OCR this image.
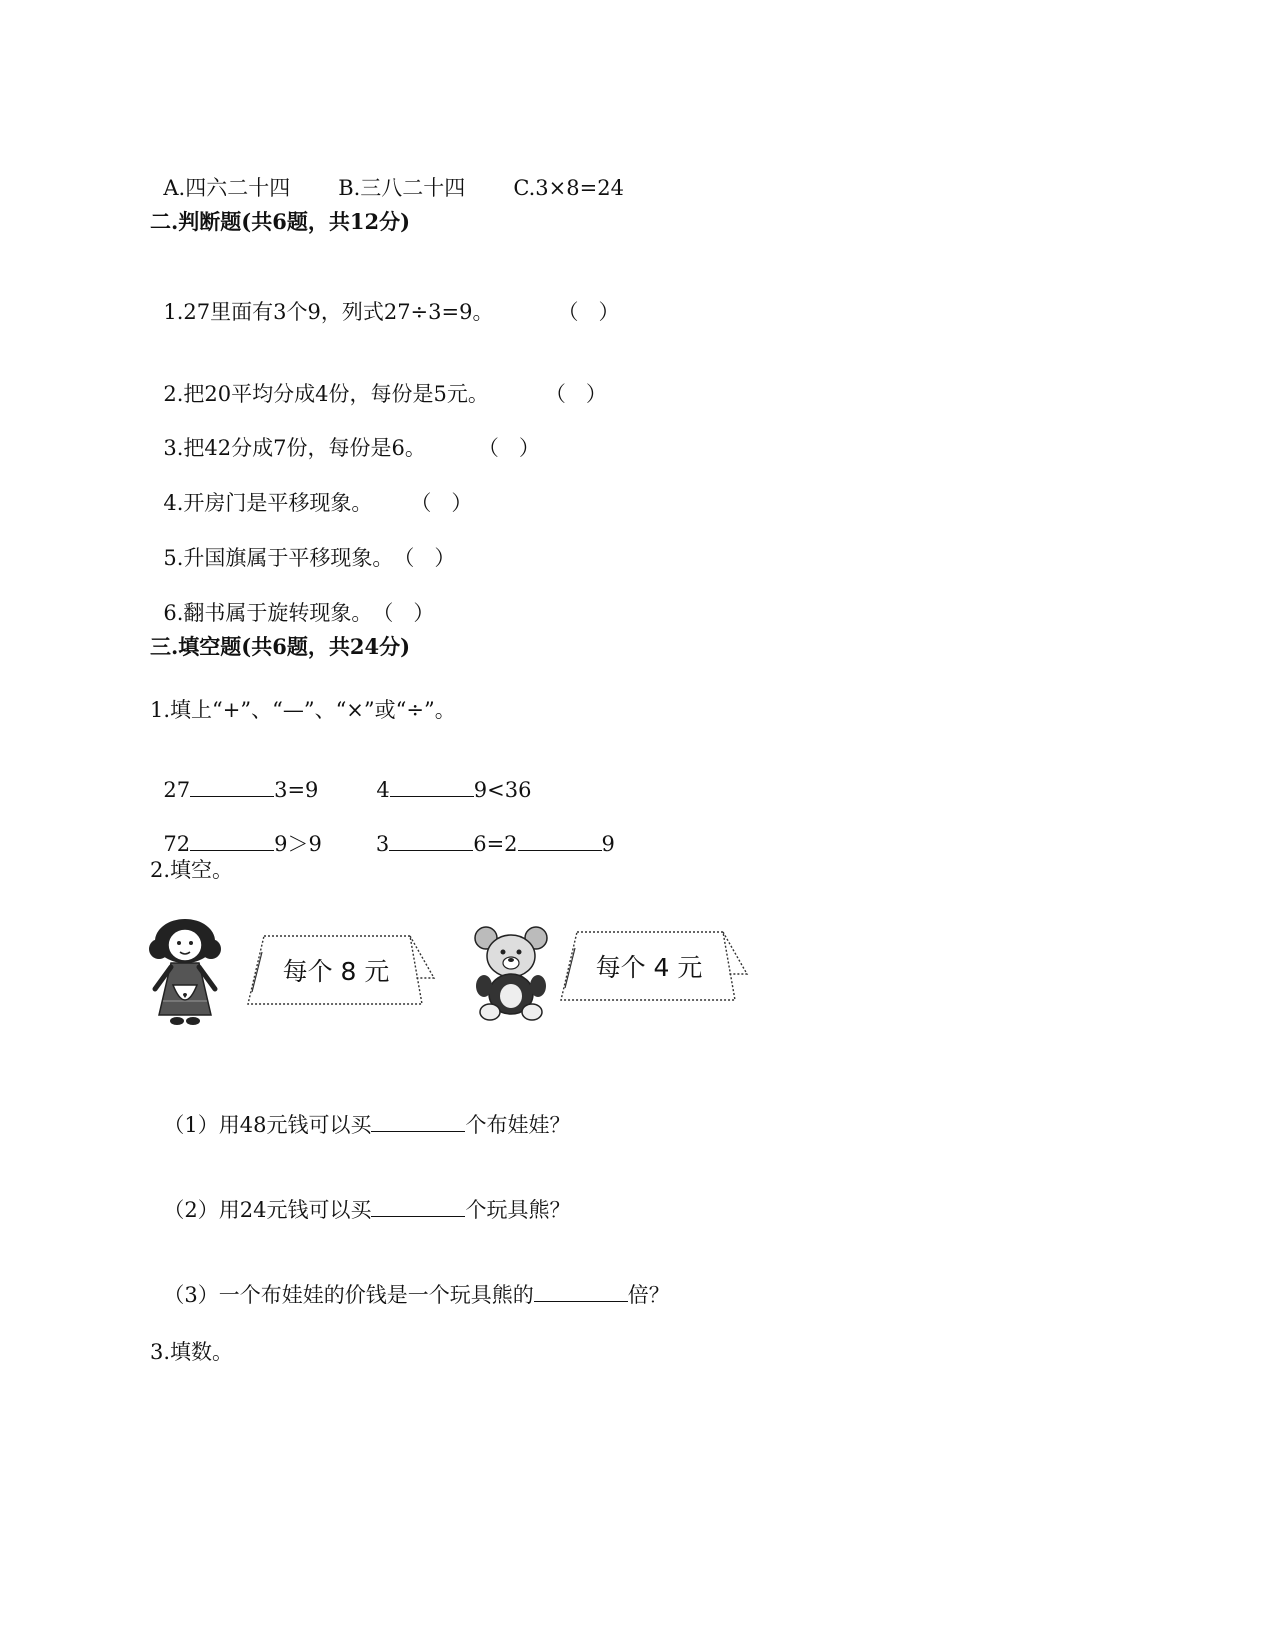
A.四六二十四 B.三八二十四 C.3×8=24

二.判断题(共6题，共12分)

1.27里面有3个9，列式27÷3=9。	（   ）

2.把20平均分成4份，每份是5元。	（   ）

3.把42分成7份，每份是6。 （   ）

4.开房门是平移现象。 （   ）

5.升国旗属于平移现象。（   ）

6.翻书属于旋转现象。（   ）

三.填空题(共6题，共24分)
1.填上“+”、“—”、“×”或“÷”。

27	3=9	4	9<36

72	9＞9	3	6=2	9

2.填空。
每个 8 元	每个 4 元

（1）用48元钱可以买	个布娃娃？

（2）用24元钱可以买	个玩具熊？

（3）一个布娃娃的价钱是一个玩具熊的	倍？

3.填数。
